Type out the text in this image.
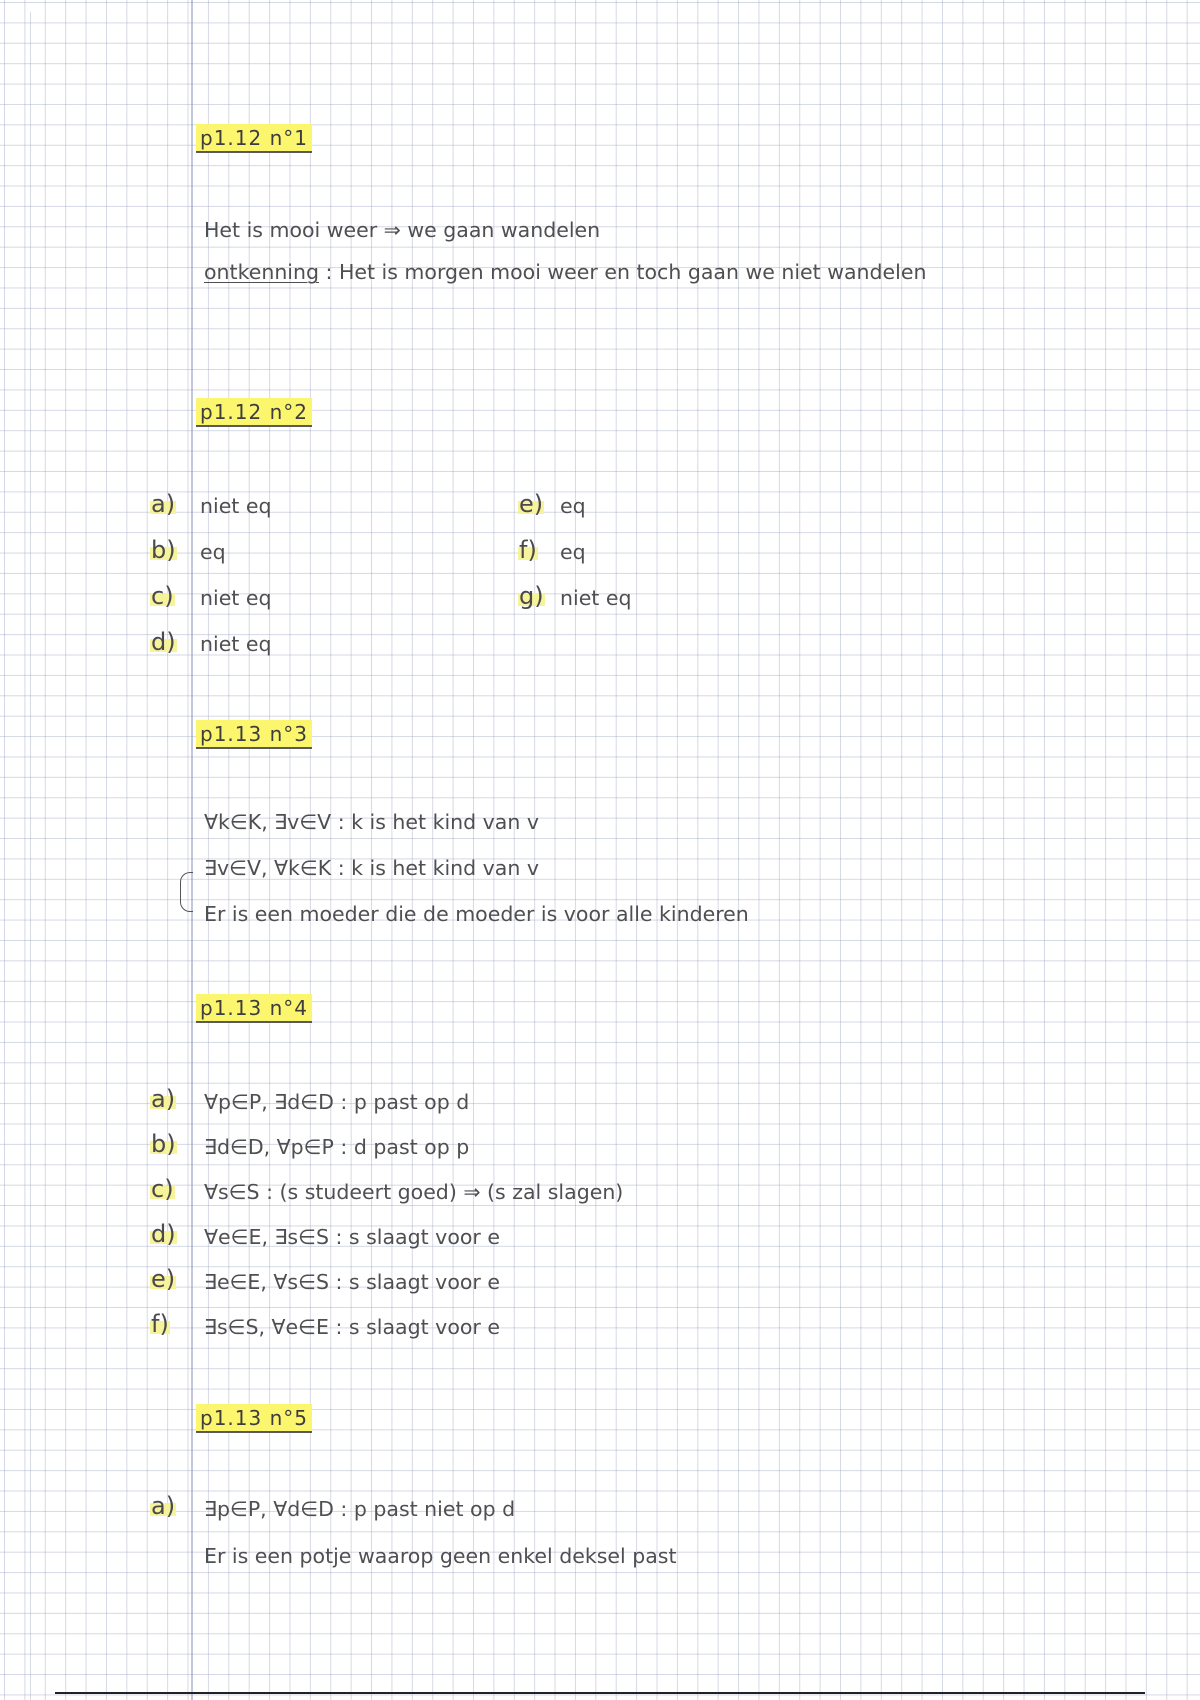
p1.12 n°1
Het is mooi weer ⇒ we gaan wandelen
ontkenning : Het is morgen mooi weer en toch gaan we niet wandelen
p1.12 n°2
a) niet eq
b) eq
c) niet eq
d) niet eq
e) eq
f) eq
g) niet eq
p1.13 n°3
∀k∈K, ∃v∈V : k is het kind van v
∃v∈V, ∀k∈K : k is het kind van v
Er is een moeder die de moeder is voor alle kinderen
p1.13 n°4
a) ∀p∈P, ∃d∈D : p past op d
b) ∃d∈D, ∀p∈P : d past op p
c) ∀s∈S : (s studeert goed) ⇒ (s zal slagen)
d) ∀e∈E, ∃s∈S : s slaagt voor e
e) ∃e∈E, ∀s∈S : s slaagt voor e
f) ∃s∈S, ∀e∈E : s slaagt voor e
p1.13 n°5
a) ∃p∈P, ∀d∈D : p past niet op d
Er is een potje waarop geen enkel deksel past
